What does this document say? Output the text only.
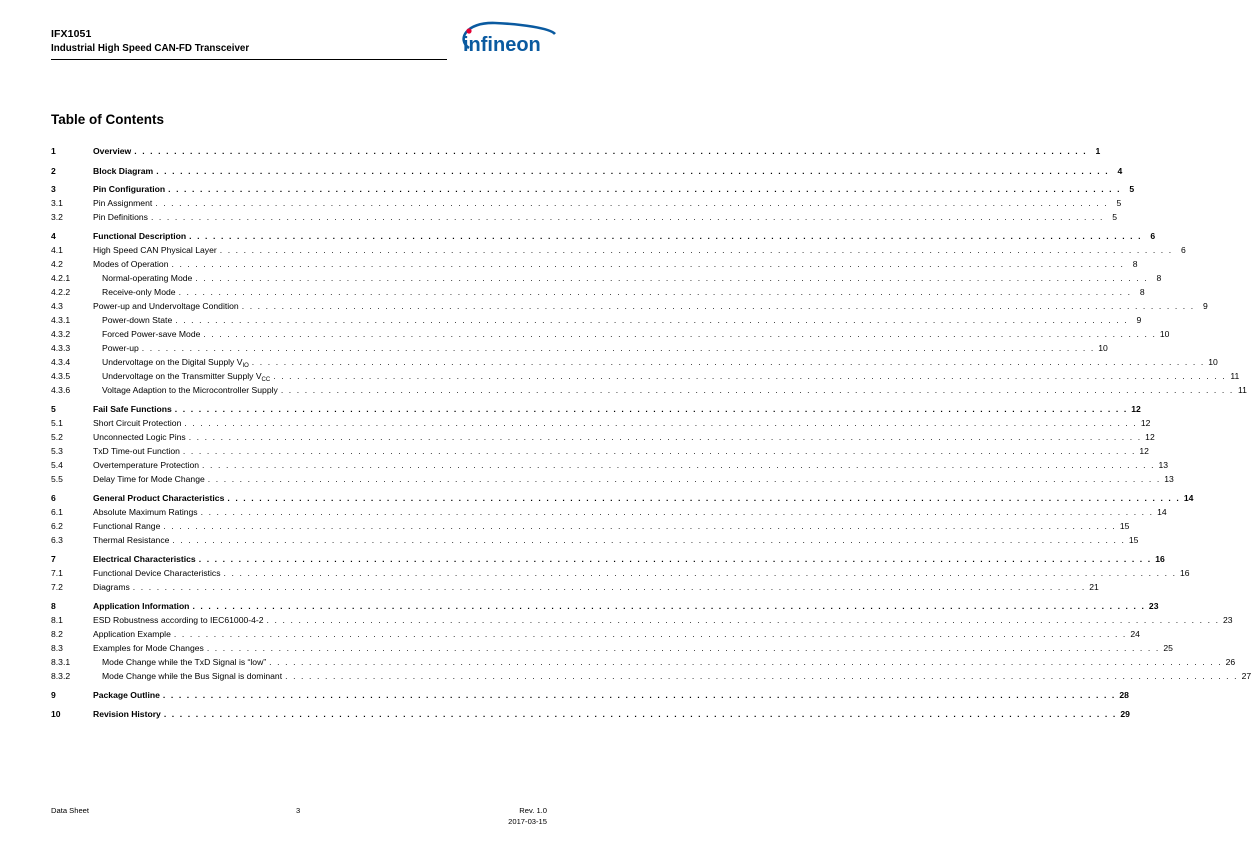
IFX1051
Industrial High Speed CAN-FD Transceiver	infineon
Table of Contents
1	Overview . . . . . . . . . . . . . . . . . . . . . . . . . . . . . . . . . . . . . . . . . . . . . . . . . . . . . . . . . . . . . . . . . . . . . . . . . . . . . . . . . . . . . . . . . . . . . . . . . . . . . . . . . . . . . . . . . . . . . . . . 1
2	Block Diagram . . . . . . . . . . . . . . . . . . . . . . . . . . . . . . . . . . . . . . . . . . . . . . . . . . . . . . . . . . . . . . . . . . . . . . . . . . . . . . . . . . . . . . . . . . . . . . . . . . . . . . . . . . . . . . . . . . . . . . . . 4
3	Pin Configuration . . . . . . . . . . . . . . . . . . . . . . . . . . . . . . . . . . . . . . . . . . . . . . . . . . . . . . . . . . . . . . . . . . . . . . . . . . . . . . . . . . . . . . . . . . . . . . . . . . . . . . . . . . . . . . . . . . . . . . . . 5
3.1	Pin Assignment . . . . . . . . . . . . . . . . . . . . . . . . . . . . . . . . . . . . . . . . . . . . . . . . . . . . . . . . . . . . . . . . . . . . . . . . . . . . . . . . . . . . . . . . . . . . . . . . . . . . . . . . . . . . . . . . . . . . . . . . 5
3.2	Pin Definitions . . . . . . . . . . . . . . . . . . . . . . . . . . . . . . . . . . . . . . . . . . . . . . . . . . . . . . . . . . . . . . . . . . . . . . . . . . . . . . . . . . . . . . . . . . . . . . . . . . . . . . . . . . . . . . . . . . . . . . . . 5
4	Functional Description . . . . . . . . . . . . . . . . . . . . . . . . . . . . . . . . . . . . . . . . . . . . . . . . . . . . . . . . . . . . . . . . . . . . . . . . . . . . . . . . . . . . . . . . . . . . . . . . . . . . . . . . . . . . . . . . . . . . . . . . 6
4.1	High Speed CAN Physical Layer . . . . . . . . . . . . . . . . . . . . . . . . . . . . . . . . . . . . . . . . . . . . . . . . . . . . . . . . . . . . . . . . . . . . . . . . . . . . . . . . . . . . . . . . . . . . . . . . . . . . . . . . . . . . . . . . . . . . . . . . 6
4.2	Modes of Operation . . . . . . . . . . . . . . . . . . . . . . . . . . . . . . . . . . . . . . . . . . . . . . . . . . . . . . . . . . . . . . . . . . . . . . . . . . . . . . . . . . . . . . . . . . . . . . . . . . . . . . . . . . . . . . . . . . . . . . . . 8
4.2.1	Normal-operating Mode . . . . . . . . . . . . . . . . . . . . . . . . . . . . . . . . . . . . . . . . . . . . . . . . . . . . . . . . . . . . . . . . . . . . . . . . . . . . . . . . . . . . . . . . . . . . . . . . . . . . . . . . . . . . . . . . . . . . . . . . 8
4.2.2	Receive-only Mode . . . . . . . . . . . . . . . . . . . . . . . . . . . . . . . . . . . . . . . . . . . . . . . . . . . . . . . . . . . . . . . . . . . . . . . . . . . . . . . . . . . . . . . . . . . . . . . . . . . . . . . . . . . . . . . . . . . . . . . . 8
4.3	Power-up and Undervoltage Condition . . . . . . . . . . . . . . . . . . . . . . . . . . . . . . . . . . . . . . . . . . . . . . . . . . . . . . . . . . . . . . . . . . . . . . . . . . . . . . . . . . . . . . . . . . . . . . . . . . . . . . . . . . . . . . . . . . . . . . . . 9
4.3.1	Power-down State . . . . . . . . . . . . . . . . . . . . . . . . . . . . . . . . . . . . . . . . . . . . . . . . . . . . . . . . . . . . . . . . . . . . . . . . . . . . . . . . . . . . . . . . . . . . . . . . . . . . . . . . . . . . . . . . . . . . . . . . 9
4.3.2	Forced Power-save Mode . . . . . . . . . . . . . . . . . . . . . . . . . . . . . . . . . . . . . . . . . . . . . . . . . . . . . . . . . . . . . . . . . . . . . . . . . . . . . . . . . . . . . . . . . . . . . . . . . . . . . . . . . . . . . . . . . . . . . . . . 10
4.3.3	Power-up . . . . . . . . . . . . . . . . . . . . . . . . . . . . . . . . . . . . . . . . . . . . . . . . . . . . . . . . . . . . . . . . . . . . . . . . . . . . . . . . . . . . . . . . . . . . . . . . . . . . . . . . . . . . . . . . . . . . . . . . 10
4.3.4	Undervoltage on the Digital Supply $V_{IO}$ . . . . . . . . . . . . . . . . . . . . . . . . . . . . . . . . . . . . . . . . . . . . . . . . . . . . . . . . . . . . . . . . . . . . . . . . . . . . . . . . . . . . . . . . . . . . . . . . . . . . . . . . . . . . . . . . . . . . . . . . 10
4.3.5	Undervoltage on the Transmitter Supply $V_{CC}$ . . . . . . . . . . . . . . . . . . . . . . . . . . . . . . . . . . . . . . . . . . . . . . . . . . . . . . . . . . . . . . . . . . . . . . . . . . . . . . . . . . . . . . . . . . . . . . . . . . . . . . . . . . . . . . . . . . . . . . . . 11
4.3.6	Voltage Adaption to the Microcontroller Supply . . . . . . . . . . . . . . . . . . . . . . . . . . . . . . . . . . . . . . . . . . . . . . . . . . . . . . . . . . . . . . . . . . . . . . . . . . . . . . . . . . . . . . . . . . . . . . . . . . . . . . . . . . . . . . . . . . . . . . . . 11
5	Fail Safe Functions . . . . . . . . . . . . . . . . . . . . . . . . . . . . . . . . . . . . . . . . . . . . . . . . . . . . . . . . . . . . . . . . . . . . . . . . . . . . . . . . . . . . . . . . . . . . . . . . . . . . . . . . . . . . . . . . . . . . . . . . 12
5.1	Short Circuit Protection . . . . . . . . . . . . . . . . . . . . . . . . . . . . . . . . . . . . . . . . . . . . . . . . . . . . . . . . . . . . . . . . . . . . . . . . . . . . . . . . . . . . . . . . . . . . . . . . . . . . . . . . . . . . . . . . . . . . . . . . 12
5.2	Unconnected Logic Pins . . . . . . . . . . . . . . . . . . . . . . . . . . . . . . . . . . . . . . . . . . . . . . . . . . . . . . . . . . . . . . . . . . . . . . . . . . . . . . . . . . . . . . . . . . . . . . . . . . . . . . . . . . . . . . . . . . . . . . . . 12
5.3	TxD Time-out Function . . . . . . . . . . . . . . . . . . . . . . . . . . . . . . . . . . . . . . . . . . . . . . . . . . . . . . . . . . . . . . . . . . . . . . . . . . . . . . . . . . . . . . . . . . . . . . . . . . . . . . . . . . . . . . . . . . . . . . . . 12
5.4	Overtemperature Protection . . . . . . . . . . . . . . . . . . . . . . . . . . . . . . . . . . . . . . . . . . . . . . . . . . . . . . . . . . . . . . . . . . . . . . . . . . . . . . . . . . . . . . . . . . . . . . . . . . . . . . . . . . . . . . . . . . . . . . . . 13
5.5	Delay Time for Mode Change . . . . . . . . . . . . . . . . . . . . . . . . . . . . . . . . . . . . . . . . . . . . . . . . . . . . . . . . . . . . . . . . . . . . . . . . . . . . . . . . . . . . . . . . . . . . . . . . . . . . . . . . . . . . . . . . . . . . . . . . 13
6	General Product Characteristics . . . . . . . . . . . . . . . . . . . . . . . . . . . . . . . . . . . . . . . . . . . . . . . . . . . . . . . . . . . . . . . . . . . . . . . . . . . . . . . . . . . . . . . . . . . . . . . . . . . . . . . . . . . . . . . . . . . . . . . . 14
6.1	Absolute Maximum Ratings . . . . . . . . . . . . . . . . . . . . . . . . . . . . . . . . . . . . . . . . . . . . . . . . . . . . . . . . . . . . . . . . . . . . . . . . . . . . . . . . . . . . . . . . . . . . . . . . . . . . . . . . . . . . . . . . . . . . . . . . 14
6.2	Functional Range . . . . . . . . . . . . . . . . . . . . . . . . . . . . . . . . . . . . . . . . . . . . . . . . . . . . . . . . . . . . . . . . . . . . . . . . . . . . . . . . . . . . . . . . . . . . . . . . . . . . . . . . . . . . . . . . . . . . . . . . 15
6.3	Thermal Resistance . . . . . . . . . . . . . . . . . . . . . . . . . . . . . . . . . . . . . . . . . . . . . . . . . . . . . . . . . . . . . . . . . . . . . . . . . . . . . . . . . . . . . . . . . . . . . . . . . . . . . . . . . . . . . . . . . . . . . . . . 15
7	Electrical Characteristics . . . . . . . . . . . . . . . . . . . . . . . . . . . . . . . . . . . . . . . . . . . . . . . . . . . . . . . . . . . . . . . . . . . . . . . . . . . . . . . . . . . . . . . . . . . . . . . . . . . . . . . . . . . . . . . . . . . . . . . . 16
7.1	Functional Device Characteristics . . . . . . . . . . . . . . . . . . . . . . . . . . . . . . . . . . . . . . . . . . . . . . . . . . . . . . . . . . . . . . . . . . . . . . . . . . . . . . . . . . . . . . . . . . . . . . . . . . . . . . . . . . . . . . . . . . . . . . . . 16
7.2	Diagrams . . . . . . . . . . . . . . . . . . . . . . . . . . . . . . . . . . . . . . . . . . . . . . . . . . . . . . . . . . . . . . . . . . . . . . . . . . . . . . . . . . . . . . . . . . . . . . . . . . . . . . . . . . . . . . . . . . . . . . . . 21
8	Application Information . . . . . . . . . . . . . . . . . . . . . . . . . . . . . . . . . . . . . . . . . . . . . . . . . . . . . . . . . . . . . . . . . . . . . . . . . . . . . . . . . . . . . . . . . . . . . . . . . . . . . . . . . . . . . . . . . . . . . . . . 23
8.1	ESD Robustness according to IEC61000-4-2 . . . . . . . . . . . . . . . . . . . . . . . . . . . . . . . . . . . . . . . . . . . . . . . . . . . . . . . . . . . . . . . . . . . . . . . . . . . . . . . . . . . . . . . . . . . . . . . . . . . . . . . . . . . . . . . . . . . . . . . . 23
8.2	Application Example . . . . . . . . . . . . . . . . . . . . . . . . . . . . . . . . . . . . . . . . . . . . . . . . . . . . . . . . . . . . . . . . . . . . . . . . . . . . . . . . . . . . . . . . . . . . . . . . . . . . . . . . . . . . . . . . . . . . . . . . 24
8.3	Examples for Mode Changes . . . . . . . . . . . . . . . . . . . . . . . . . . . . . . . . . . . . . . . . . . . . . . . . . . . . . . . . . . . . . . . . . . . . . . . . . . . . . . . . . . . . . . . . . . . . . . . . . . . . . . . . . . . . . . . . . . . . . . . . 25
8.3.1	Mode Change while the TxD Signal is “low” . . . . . . . . . . . . . . . . . . . . . . . . . . . . . . . . . . . . . . . . . . . . . . . . . . . . . . . . . . . . . . . . . . . . . . . . . . . . . . . . . . . . . . . . . . . . . . . . . . . . . . . . . . . . . . . . . . . . . . . . 26
8.3.2	Mode Change while the Bus Signal is dominant . . . . . . . . . . . . . . . . . . . . . . . . . . . . . . . . . . . . . . . . . . . . . . . . . . . . . . . . . . . . . . . . . . . . . . . . . . . . . . . . . . . . . . . . . . . . . . . . . . . . . . . . . . . . . . . . . . . . . . . . 27
9	Package Outline . . . . . . . . . . . . . . . . . . . . . . . . . . . . . . . . . . . . . . . . . . . . . . . . . . . . . . . . . . . . . . . . . . . . . . . . . . . . . . . . . . . . . . . . . . . . . . . . . . . . . . . . . . . . . . . . . . . . . . . . 28
10	Revision History . . . . . . . . . . . . . . . . . . . . . . . . . . . . . . . . . . . . . . . . . . . . . . . . . . . . . . . . . . . . . . . . . . . . . . . . . . . . . . . . . . . . . . . . . . . . . . . . . . . . . . . . . . . . . . . . . . . . . . . . 29
Data Sheet	3	Rev. 1.0
2017-03-15
